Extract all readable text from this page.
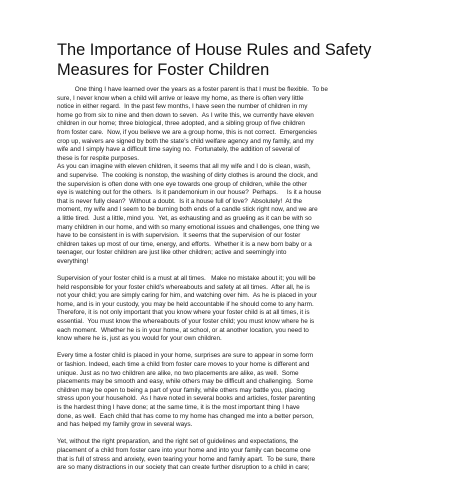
The Importance of House Rules and Safety
Measures for Foster Children

One thing I have learned over the years as a foster parent is that I must be flexible.  To be
sure, I never know when a child will arrive or leave my home, as there is often very little
notice in either regard.  In the past few months, I have seen the number of children in my
home go from six to nine and then down to seven.  As I write this, we currently have eleven
children in our home; three biological, three adopted, and a sibling group of five children
from foster care.  Now, if you believe we are a group home, this is not correct.  Emergencies
crop up, waivers are signed by both the state’s child welfare agency and my family, and my
wife and I simply have a difficult time saying no.  Fortunately, the addition of several of
these is for respite purposes.
As you can imagine with eleven children, it seems that all my wife and I do is clean, wash,
and supervise.  The cooking is nonstop, the washing of dirty clothes is around the clock, and
the supervision is often done with one eye towards one group of children, while the other
eye is watching out for the others.  Is it pandemonium in our house?  Perhaps.     Is it a house
that is never fully clean?  Without a doubt.  Is it a house full of love?  Absolutely!  At the
moment, my wife and I seem to be burning both ends of a candle stick right now, and we are
a little tired.  Just a little, mind you.  Yet, as exhausting and as grueling as it can be with so
many children in our home, and with so many emotional issues and challenges, one thing we
have to be consistent in is with supervision.  It seems that the supervision of our foster
children takes up most of our time, energy, and efforts.  Whether it is a new born baby or a
teenager, our foster children are just like other children; active and seemingly into
everything!

Supervision of your foster child is a must at all times.   Make no mistake about it; you will be
held responsible for your foster child’s whereabouts and safety at all times.  After all, he is
not your child; you are simply caring for him, and watching over him.  As he is placed in your
home, and is in your custody, you may be held accountable if he should come to any harm.
Therefore, it is not only important that you know where your foster child is at all times, it is
essential.  You must know the whereabouts of your foster child; you must know where he is
each moment.  Whether he is in your home, at school, or at another location, you need to
know where he is, just as you would for your own children.

Every time a foster child is placed in your home, surprises are sure to appear in some form
or fashion. Indeed, each time a child from foster care moves to your home is different and
unique. Just as no two children are alike, no two placements are alike, as well.  Some
placements may be smooth and easy, while others may be difficult and challenging.  Some
children may be open to being a part of your family, while others may battle you, placing
stress upon your household.  As I have noted in several books and articles, foster parenting
is the hardest thing I have done; at the same time, it is the most important thing I have
done, as well.  Each child that has come to my home has changed me into a better person,
and has helped my family grow in several ways.

Yet, without the right preparation, and the right set of guidelines and expectations, the
placement of a child from foster care into your home and into your family can become one
that is full of stress and anxiety, even tearing your home and family apart.  To be sure, there
are so many distractions in our society that can create further disruption to a child in care;
